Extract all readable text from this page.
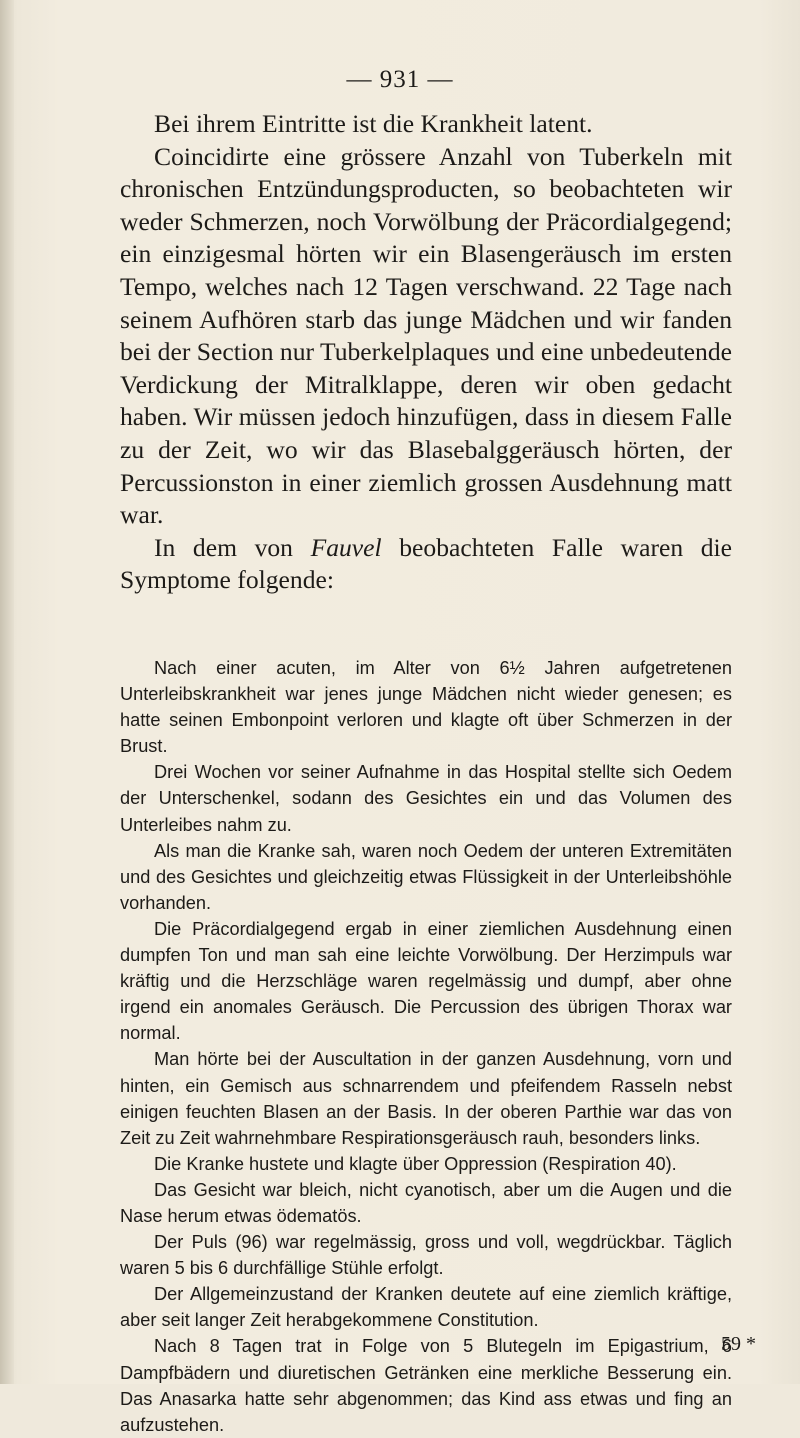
— 931 —

Bei ihrem Eintritte ist die Krankheit latent.

Coincidirte eine grössere Anzahl von Tuberkeln mit chronischen Entzündungsproducten, so beobachteten wir weder Schmerzen, noch Vorwölbung der Präcordialgegend; ein einzigesmal hörten wir ein Blasengeräusch im ersten Tempo, welches nach 12 Tagen verschwand. 22 Tage nach seinem Aufhören starb das junge Mädchen und wir fanden bei der Section nur Tuberkelplaques und eine unbedeutende Verdickung der Mitralklappe, deren wir oben gedacht haben. Wir müssen jedoch hinzufügen, dass in diesem Falle zu der Zeit, wo wir das Blasebalggeräusch hörten, der Percussionston in einer ziemlich grossen Ausdehnung matt war.

In dem von Fauvel beobachteten Falle waren die Symptome folgende:

Nach einer acuten, im Alter von 6½ Jahren aufgetretenen Unterleibskrankheit war jenes junge Mädchen nicht wieder genesen; es hatte seinen Embonpoint verloren und klagte oft über Schmerzen in der Brust.

Drei Wochen vor seiner Aufnahme in das Hospital stellte sich Oedem der Unterschenkel, sodann des Gesichtes ein und das Volumen des Unterleibes nahm zu.

Als man die Kranke sah, waren noch Oedem der unteren Extremitäten und des Gesichtes und gleichzeitig etwas Flüssigkeit in der Unterleibshöhle vorhanden.

Die Präcordialgegend ergab in einer ziemlichen Ausdehnung einen dumpfen Ton und man sah eine leichte Vorwölbung. Der Herzimpuls war kräftig und die Herzschläge waren regelmässig und dumpf, aber ohne irgend ein anomales Geräusch. Die Percussion des übrigen Thorax war normal.

Man hörte bei der Auscultation in der ganzen Ausdehnung, vorn und hinten, ein Gemisch aus schnarrendem und pfeifendem Rasseln nebst einigen feuchten Blasen an der Basis. In der oberen Parthie war das von Zeit zu Zeit wahrnehmbare Respirationsgeräusch rauh, besonders links.

Die Kranke hustete und klagte über Oppression (Respiration 40).

Das Gesicht war bleich, nicht cyanotisch, aber um die Augen und die Nase herum etwas ödematös.

Der Puls (96) war regelmässig, gross und voll, wegdrückbar. Täglich waren 5 bis 6 durchfällige Stühle erfolgt.

Der Allgemeinzustand der Kranken deutete auf eine ziemlich kräftige, aber seit langer Zeit herabgekommene Constitution.

Nach 8 Tagen trat in Folge von 5 Blutegeln im Epigastrium, 6 Dampfbädern und diuretischen Getränken eine merkliche Besserung ein. Das Anasarka hatte sehr abgenommen; das Kind ass etwas und fing an aufzustehen.

59 *
